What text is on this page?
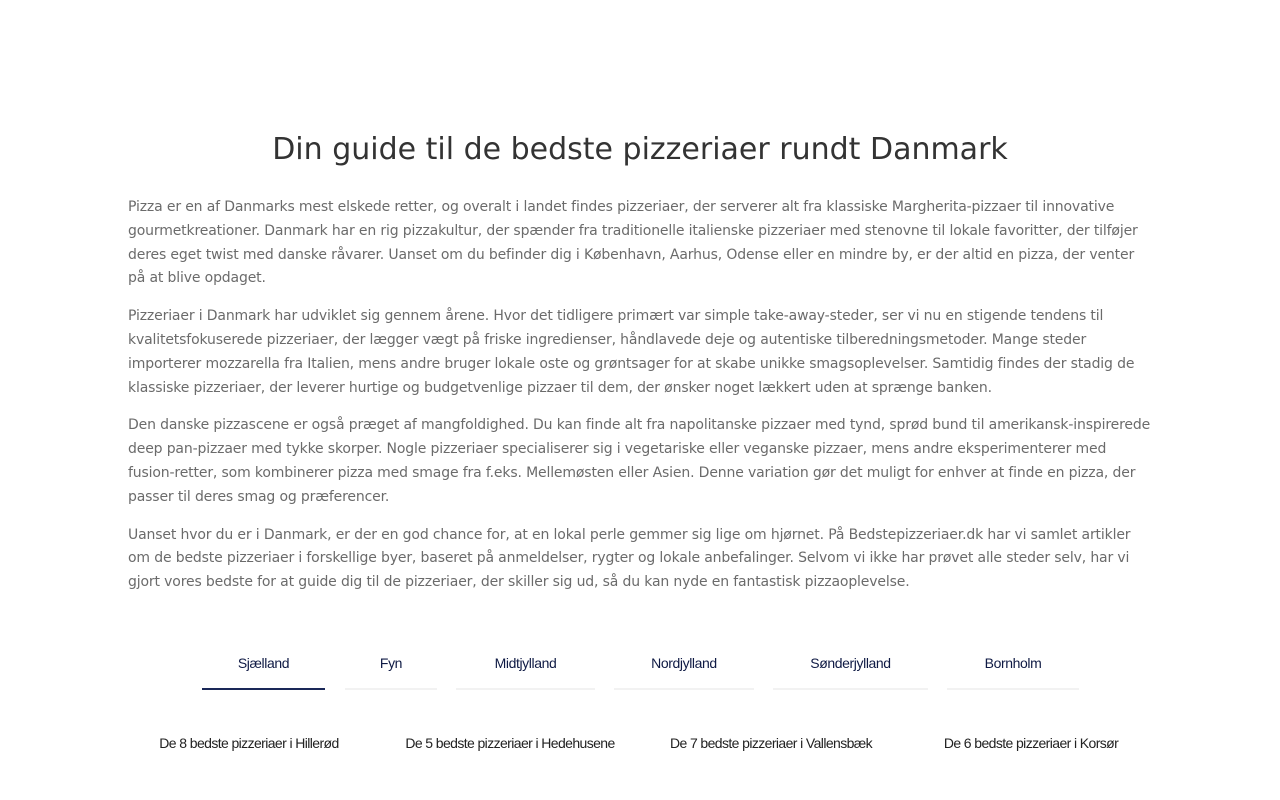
Din guide til de bedste pizzeriaer rundt Danmark

Pizza er en af Danmarks mest elskede retter, og overalt i landet findes pizzeriaer, der serverer alt fra klassiske Margherita-pizzaer til innovative gourmetkreationer. Danmark har en rig pizzakultur, der spænder fra traditionelle italienske pizzeriaer med stenovne til lokale favoritter, der tilføjer deres eget twist med danske råvarer. Uanset om du befinder dig i København, Aarhus, Odense eller en mindre by, er der altid en pizza, der venter på at blive opdaget.

Pizzeriaer i Danmark har udviklet sig gennem årene. Hvor det tidligere primært var simple take-away-steder, ser vi nu en stigende tendens til kvalitetsfokuserede pizzeriaer, der lægger vægt på friske ingredienser, håndlavede deje og autentiske tilberedningsmetoder. Mange steder importerer mozzarella fra Italien, mens andre bruger lokale oste og grøntsager for at skabe unikke smagsoplevelser. Samtidig findes der stadig de klassiske pizzeriaer, der leverer hurtige og budgetvenlige pizzaer til dem, der ønsker noget lækkert uden at sprænge banken.

Den danske pizzascene er også præget af mangfoldighed. Du kan finde alt fra napolitanske pizzaer med tynd, sprød bund til amerikansk-inspirerede deep pan-pizzaer med tykke skorper. Nogle pizzeriaer specialiserer sig i vegetariske eller veganske pizzaer, mens andre eksperimenterer med fusion-retter, som kombinerer pizza med smage fra f.eks. Mellemøsten eller Asien. Denne variation gør det muligt for enhver at finde en pizza, der passer til deres smag og præferencer.

Uanset hvor du er i Danmark, er der en god chance for, at en lokal perle gemmer sig lige om hjørnet. På Bedstepizzeriaer.dk har vi samlet artikler om de bedste pizzeriaer i forskellige byer, baseret på anmeldelser, rygter og lokale anbefalinger. Selvom vi ikke har prøvet alle steder selv, har vi gjort vores bedste for at guide dig til de pizzeriaer, der skiller sig ud, så du kan nyde en fantastisk pizzaoplevelse.

Sjælland	Fyn	Midtjylland	Nordjylland	Sønderjylland	Bornholm
De 8 bedste pizzeriaer i Hillerød	De 5 bedste pizzeriaer i Hedehusene	De 7 bedste pizzeriaer i Vallensbæk	De 6 bedste pizzeriaer i Korsør
